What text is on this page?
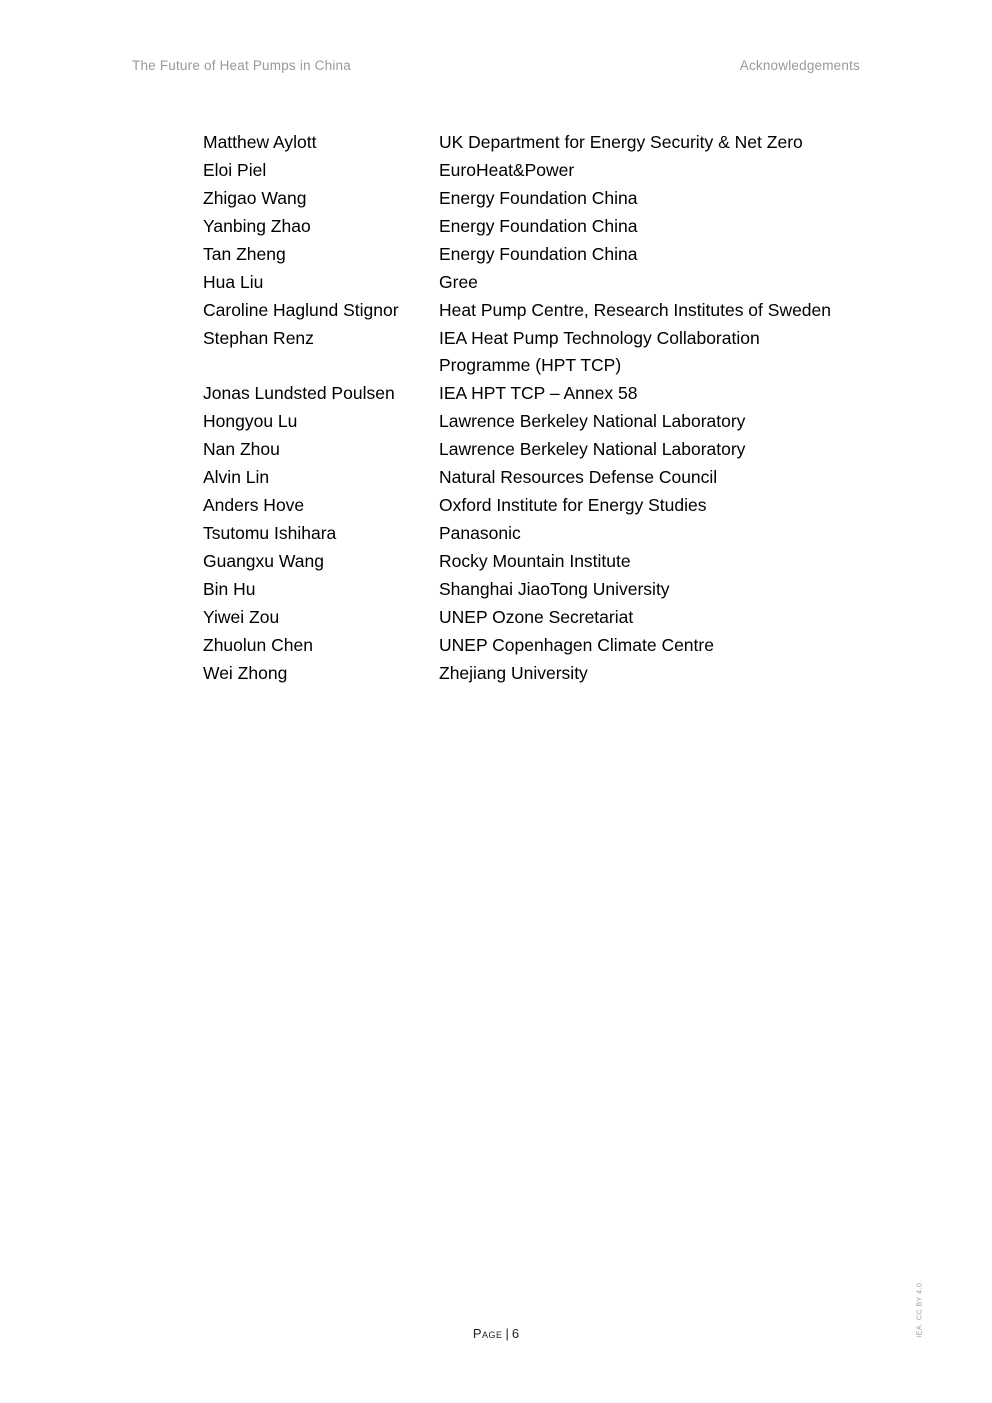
The Future of Heat Pumps in China	Acknowledgements
Matthew Aylott	UK Department for Energy Security & Net Zero
Eloi Piel	EuroHeat&Power
Zhigao Wang	Energy Foundation China
Yanbing Zhao	Energy Foundation China
Tan Zheng	Energy Foundation China
Hua Liu	Gree
Caroline Haglund Stignor	Heat Pump Centre, Research Institutes of Sweden
Stephan Renz	IEA Heat Pump Technology Collaboration Programme (HPT TCP)
Jonas Lundsted Poulsen	IEA HPT TCP – Annex 58
Hongyou Lu	Lawrence Berkeley National Laboratory
Nan Zhou	Lawrence Berkeley National Laboratory
Alvin Lin	Natural Resources Defense Council
Anders Hove	Oxford Institute for Energy Studies
Tsutomu Ishihara	Panasonic
Guangxu Wang	Rocky Mountain Institute
Bin Hu	Shanghai JiaoTong University
Yiwei Zou	UNEP Ozone Secretariat
Zhuolun Chen	UNEP Copenhagen Climate Centre
Wei Zhong	Zhejiang University
Page | 6	IEA. CC BY 4.0.
